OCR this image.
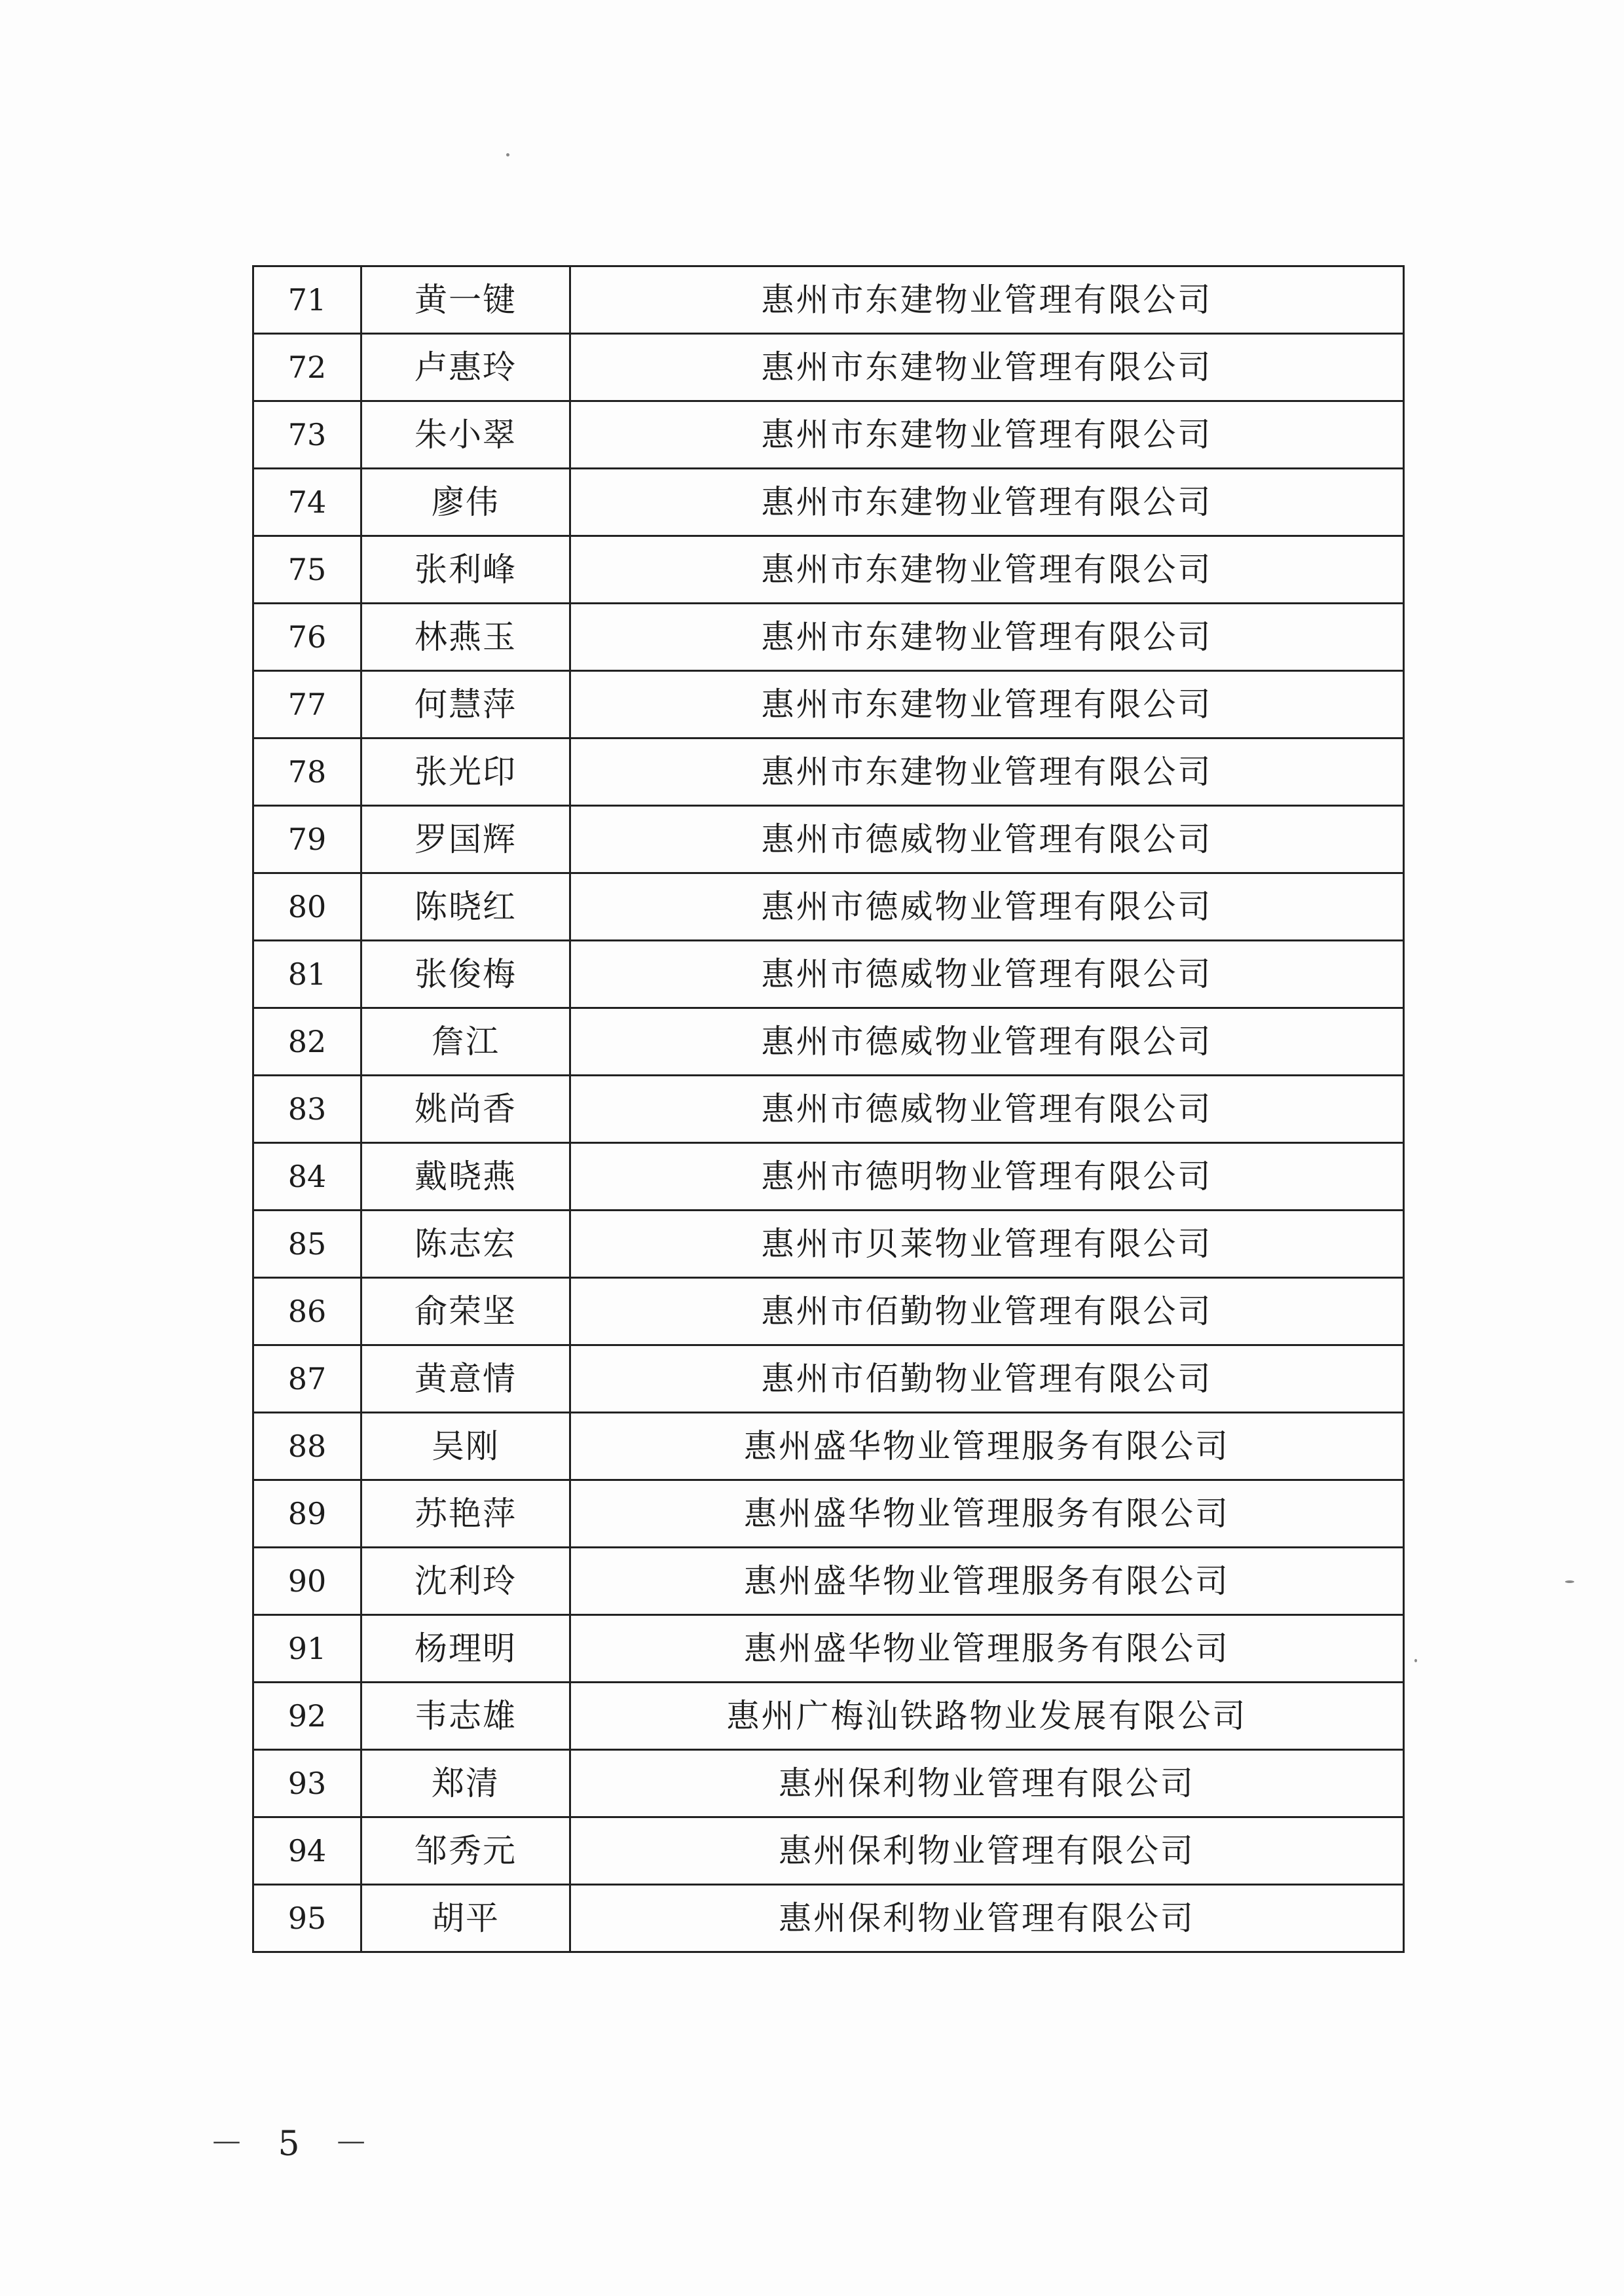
71	黄一键	惠州市东建物业管理有限公司
72	卢惠玲	惠州市东建物业管理有限公司
73	朱小翠	惠州市东建物业管理有限公司
74	廖伟	惠州市东建物业管理有限公司
75	张利峰	惠州市东建物业管理有限公司
76	林燕玉	惠州市东建物业管理有限公司
77	何慧萍	惠州市东建物业管理有限公司
78	张光印	惠州市东建物业管理有限公司
79	罗国辉	惠州市德威物业管理有限公司
80	陈晓红	惠州市德威物业管理有限公司
81	张俊梅	惠州市德威物业管理有限公司
82	詹江	惠州市德威物业管理有限公司
83	姚尚香	惠州市德威物业管理有限公司
84	戴晓燕	惠州市德明物业管理有限公司
85	陈志宏	惠州市贝莱物业管理有限公司
86	俞荣坚	惠州市佰勤物业管理有限公司
87	黄意情	惠州市佰勤物业管理有限公司
88	吴刚	惠州盛华物业管理服务有限公司
89	苏艳萍	惠州盛华物业管理服务有限公司
90	沈利玲	惠州盛华物业管理服务有限公司
91	杨理明	惠州盛华物业管理服务有限公司
92	韦志雄	惠州广梅汕铁路物业发展有限公司
93	郑清	惠州保利物业管理有限公司
94	邹秀元	惠州保利物业管理有限公司
95	胡平	惠州保利物业管理有限公司
－ 5 －
